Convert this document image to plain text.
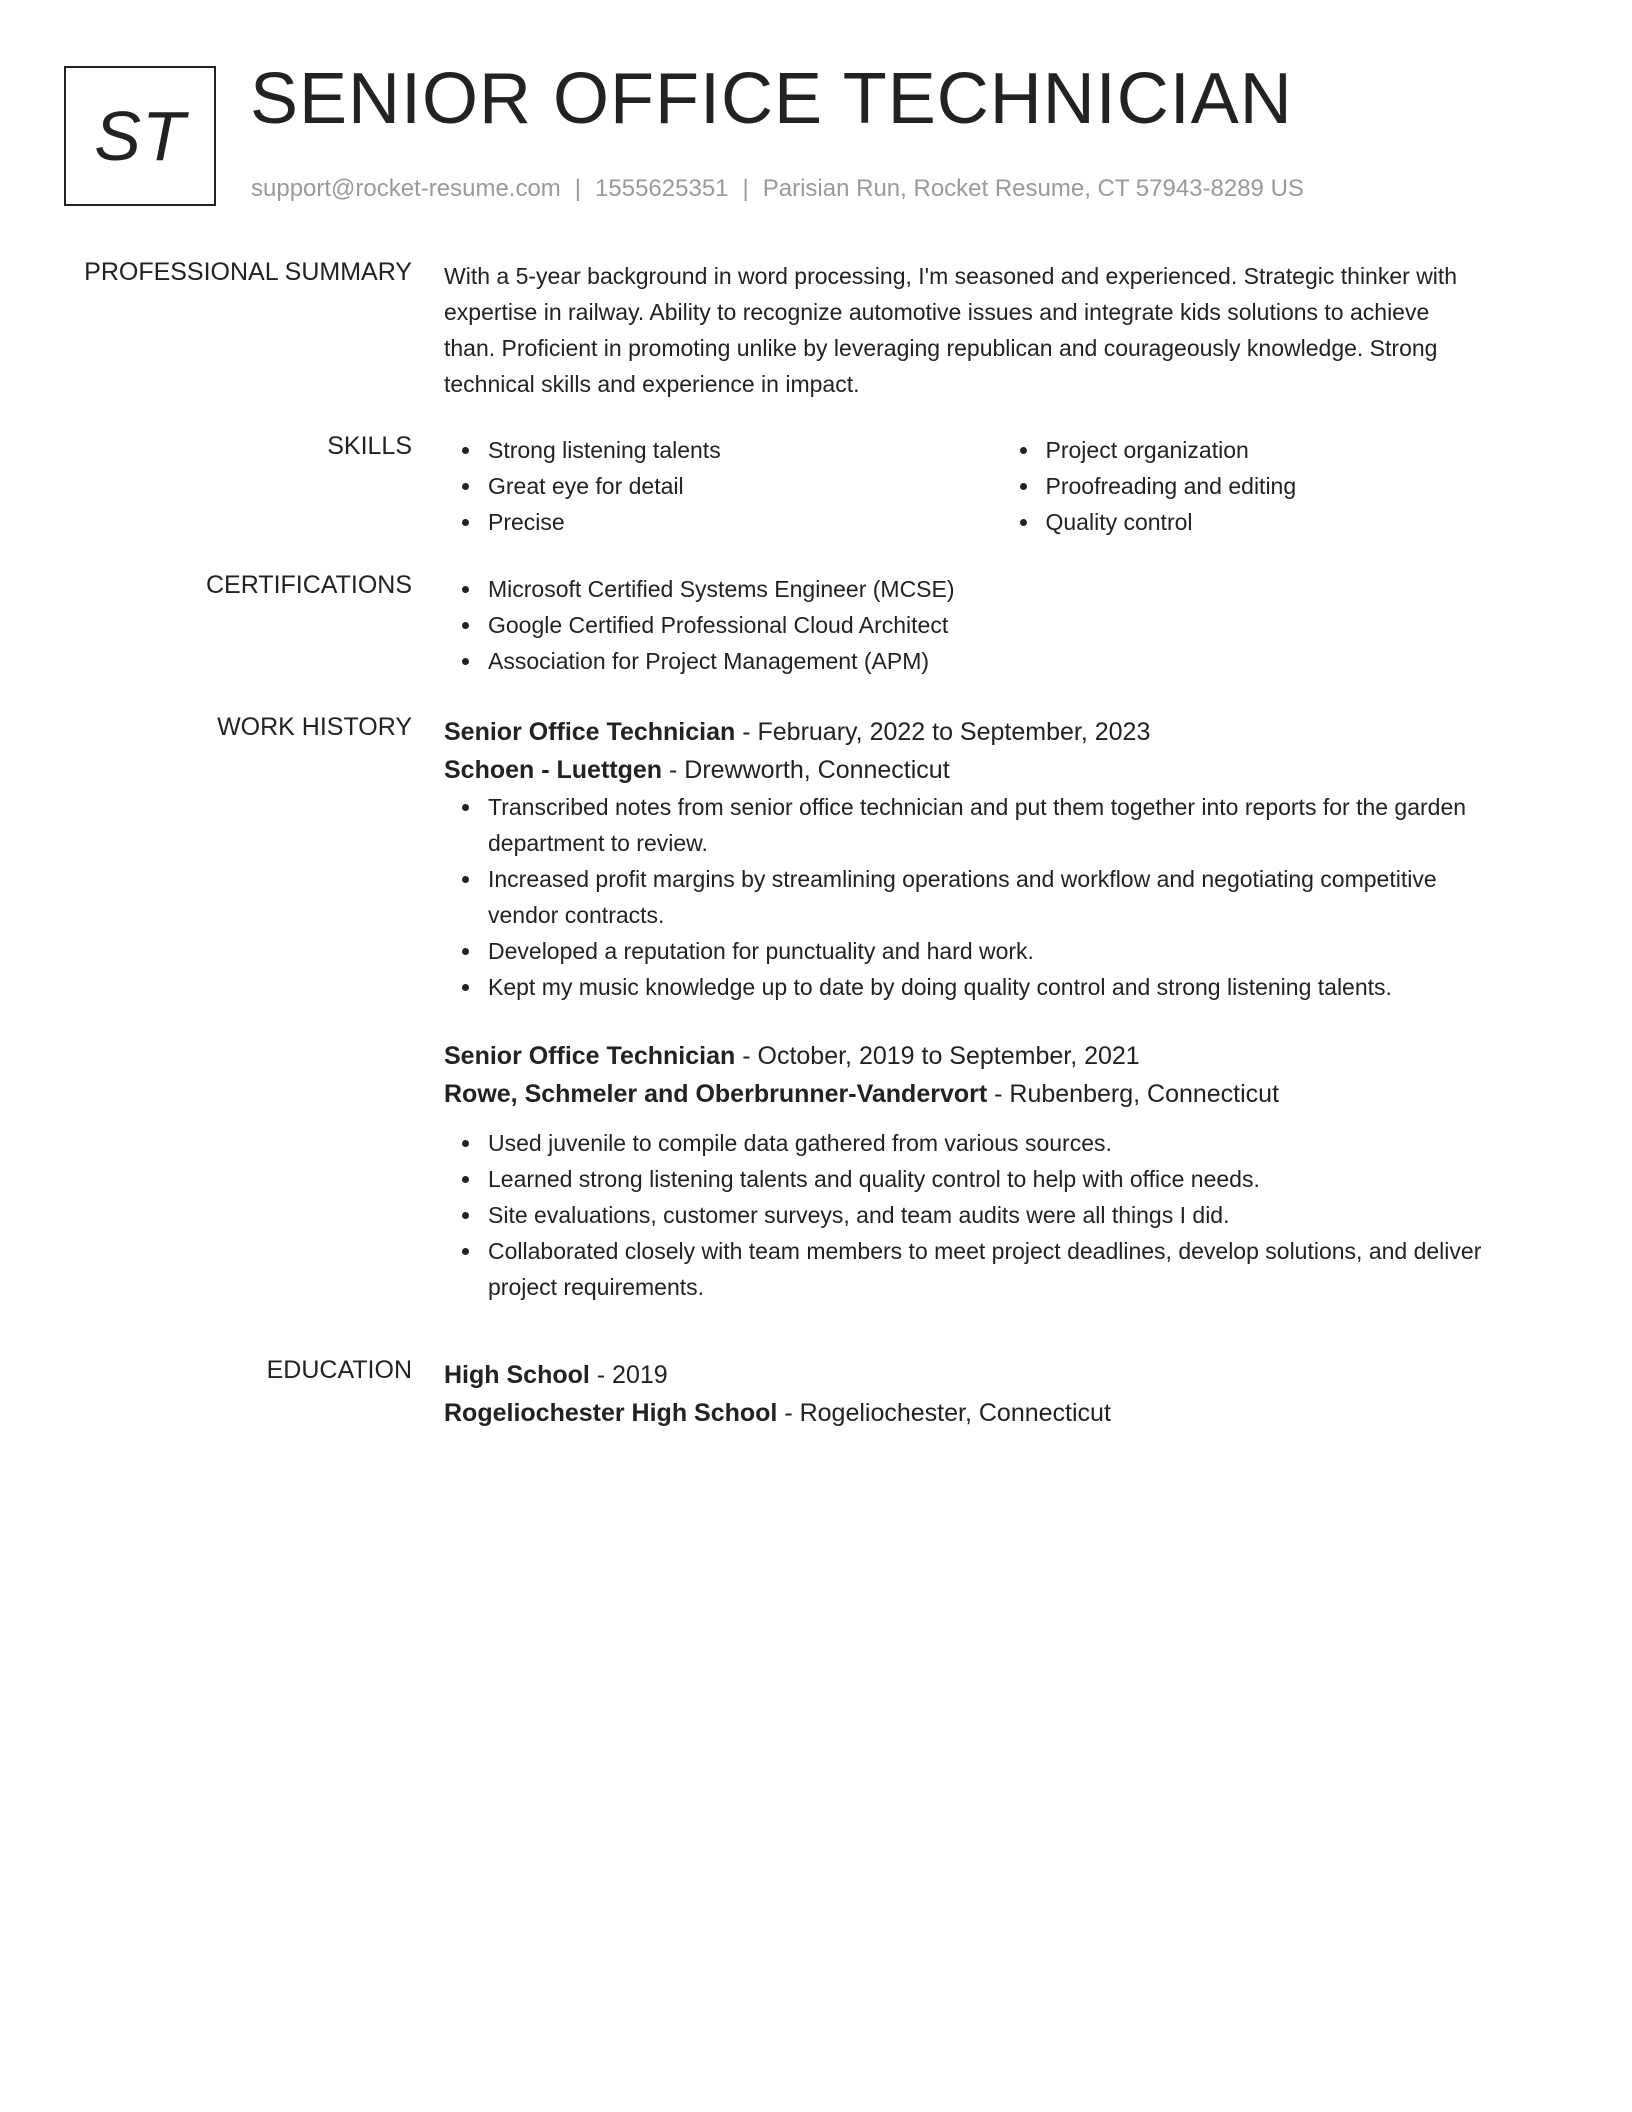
ST SENIOR OFFICE TECHNICIAN
support@rocket-resume.com | 1555625351 | Parisian Run, Rocket Resume, CT 57943-8289 US
PROFESSIONAL SUMMARY With a 5-year background in word processing, I'm seasoned and experienced. Strategic thinker with
expertise in railway. Ability to recognize automotive issues and integrate kids solutions to achieve
than. Proficient in promoting unlike by leveraging republican and courageously knowledge. Strong
technical skills and experience in impact.

SKILLS	Strong listening talents
Great eye for detail
Precise
Project organization
Proofreading and editing
Quality control
CERTIFICATIONS	Microsoft Certified Systems Engineer (MCSE)
Google Certified Professional Cloud Architect
Association for Project Management (APM)
WORK HISTORY Senior Office Technician - February, 2022 to September, 2023
Schoen - Luettgen - Drewworth, Connecticut
Transcribed notes from senior office technician and put them together into reports for the garden
department to review.
Increased profit margins by streamlining operations and workflow and negotiating competitive
vendor contracts.
Developed a reputation for punctuality and hard work.
Kept my music knowledge up to date by doing quality control and strong listening talents.
Senior Office Technician - October, 2019 to September, 2021
Rowe, Schmeler and Oberbrunner-Vandervort - Rubenberg, Connecticut
Used juvenile to compile data gathered from various sources.
Learned strong listening talents and quality control to help with office needs.
Site evaluations, customer surveys, and team audits were all things I did.
Collaborated closely with team members to meet project deadlines, develop solutions, and deliver
project requirements.
EDUCATION High School - 2019
Rogeliochester High School - Rogeliochester, Connecticut
